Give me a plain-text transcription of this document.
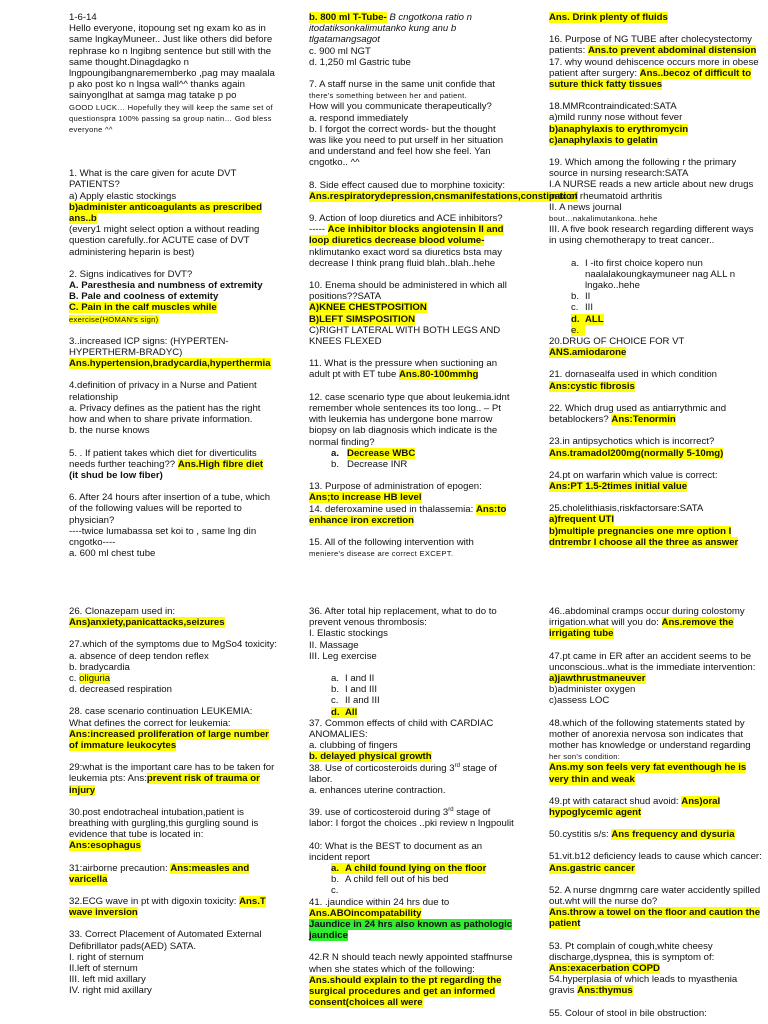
1-6-14
Hello everyone, itopoung set ng exam ko as in same lngkayMuneer.. Just like others did before rephrase ko n lngibng sentence but still with the same thought.Dinagdagko n lngpoungibangnarememberko ,pag may maalala p ako post ko n lngsa wall^^ thanks again sainyonglhat at samga mag tatake p po
GOOD LUCK… Hopefully they will keep the same set of questionspra 100% passing sa group natin… God bless everyone ^^
1. What is the care given for acute DVT PATIENTS?
a) Apply elastic stockings
b)administer anticoagulants as prescribed ans..b
(every1 might select option a without reading question carefully..for ACUTE case of DVT administering heparin is best)
2. Signs indicatives for DVT?
A. Paresthesia and numbness of extremity
B. Pale and coolness of extemity
C. Pain in the calf muscles while
exercise(HOMAN's sign)
3..increased ICP signs: (HYPERTEN-HYPERTHERM-BRADYC)
Ans.hypertension,bradycardia,hyperthermia
4.definition of privacy in a Nurse and Patient relationship
a. Privacy defines as the patient has the right how and when to share private information.
b. the nurse knows
5. . If patient takes which diet for diverticulits needs further teaching?? Ans.High fibre diet
(it shud be low fiber)
6. After 24 hours after insertion of a tube, which of the following values will be reported to physician?
----twice lumabassa set koi to , same lng din cngotko----
a. 600 ml chest tube
b. 800 ml T-Tube- B cngotkona ratio n itodatiksonkalimutanko kung anu b tlgatamangsagot
c. 900 ml NGT
d. 1,250 ml Gastric tube
7. A staff nurse in the same unit confide that
there's something between her and patient.
How will you communicate therapeutically?
a. respond immediately
b. I forgot the correct words- but the thought was like you need to put urself in her situation and understand and feel how she feel. Yan cngotko.. ^^
8. Side effect caused due to morphine toxicity:
Ans.respiratorydepression,cnsmanifestations,constipation
9. Action of loop diuretics and ACE inhibitors?
----- Ace inhibitor blocks angiotensin II and loop diuretics decrease blood volume-
nklimutanko exact word sa diuretics bsta may decrease I think prang fluid blah..blah..hehe
10. Enema should be administered in which all positions??SATA
A)KNEE CHESTPOSITION
B)LEFT SIMSPOSITION
C)RIGHT LATERAL WITH BOTH LEGS AND KNEES FLEXED
11. What is the pressure when suctioning an adult pt with ET tube Ans.80-100mmhg
12. case scenario type que about leukemia.idnt remember whole sentences its too long.. – Pt with leukemia has undergone bone marrow biopsy on lab diagnosis which indicate is the normal finding?
a. Decrease WBC
b. Decrease INR
13. Purpose of administration of epogen:
Ans;to increase HB level
14. deferoxamine used in thalassemia: Ans:to enhance iron excretion
15. All of the following intervention with
meniere's disease are correct EXCEPT.
Ans. Drink plenty of fluids
16. Purpose of NG TUBE after cholecystectomy patients: Ans.to prevent abdominal distension
17. why wound dehiscence occurs more in obese patient after surgery: Ans..becoz of difficult to suture thick fatty tissues
18.MMRcontraindicated:SATA
a)mild runny nose without fever
b)anaphylaxis to erythromycin
c)anaphylaxis to gelatin
19. Which among the following r the primary source in nursing research:SATA
I.A NURSE reads a new article about new drugs in tx of rheumatoid arthritis
II. A news journal
bout…nakalimutankona..hehe
III. A five book research regarding different ways in using chemotherapy to treat cancer..
a. I -ito first choice kopero nun naalalakoungkaymuneer nag ALL n lngako..hehe
b. II
c. III
d. ALL
e.
20.DRUG OF CHOICE FOR VT
ANS.amiodarone
21. dornasealfa used in which condition
Ans:cystic fibrosis
22. Which drug used as antiarrythmic and betablockers? Ans:Tenormin
23.in antipsychotics which is incorrect?
Ans.tramadol200mg(normally 5-10mg)
24.pt on warfarin which value is correct:
Ans:PT 1.5-2times initial value
25.cholelithiasis,riskfactorsare:SATA
a)frequent UTI
b)multiple pregnancies one mre option I dntrembr I choose all the three as answer
26. Clonazepam used in:
Ans)anxiety,panicattacks,seizures
27.which of the symptoms due to MgSo4 toxicity:
a. absence of deep tendon reflex
b. bradycardia
c. oliguria
d. decreased respiration
28. case scenario continuation LEUKEMIA: What defines the correct for leukemia:
Ans:increased proliferation of large number of immature leukocytes
29:what is the important care has to be taken for leukemia pts: Ans:prevent risk of trauma or injury
30.post endotracheal intubation,patient is breathing with gurgling,this gurgling sound is evidence that tube is located in:
Ans:esophagus
31:airborne precaution: Ans:measles and varicella
32.ECG wave in pt with digoxin toxicity: Ans.T wave inversion
33. Correct Placement of Automated External Defibrillator pads(AED) SATA.
I. right of sternum
II.left of sternum
III. left mid axillary
IV. right mid axillary
36. After total hip replacement, what to do to prevent venous thrombosis:
I. Elastic stockings
II. Massage
III. Leg exercise
a. I and II
b. I and III
c. II and III
d. All
37. Common effects of child with CARDIAC ANOMALIES:
a. clubbing of fingers
b. delayed physical growth
38. Use of corticosteroids during 3rd stage of labor.
a. enhances uterine contraction.
39. use of corticosteroid during 3rd stage of labor: I forgot the choices ..pki review n lngpoulit
40: What is the BEST to document as an incident report
a. A child found lying on the floor
b. A child fell out of his bed
c.
41. .jaundice within 24 hrs due to
Ans.ABOincompatability
Jaundice in 24 hrs also known as pathologic jaundice
42.R N should teach newly appointed staffnurse when she states which of the following: Ans.should explain to the pt regarding the surgical procedures and get an informed consent(choices all were
46..abdominal cramps occur during colostomy irrigation.what will you do: Ans.remove the irrigating tube
47.pt came in ER after an accident seems to be unconscious..what is the immediate intervention: a)jawthrustmaneuver
b)administer oxygen
c)assess LOC
48.which of the following statements stated by mother of anorexia nervosa son indicates that mother has knowledge or understand regarding
her son's condition:
Ans.my son feels very fat eventhough he is very thin and weak
49.pt with cataract shud avoid: Ans)oral hypoglycemic agent
50.cystitis s/s: Ans frequency and dysuria
51.vit.b12 deficiency leads to cause which cancer: Ans.gastric cancer
52. A nurse dngmrng care water accidently spilled out.wht will the nurse do?
Ans.throw a towel on the floor and caution the patient
53. Pt complain of cough,white cheesy discharge,dyspnea, this is symptom of:
Ans:exacerbation COPD
54.hyperplasia of which leads to myasthenia gravis Ans:thymus
55. Colour of stool in bile obstruction:
